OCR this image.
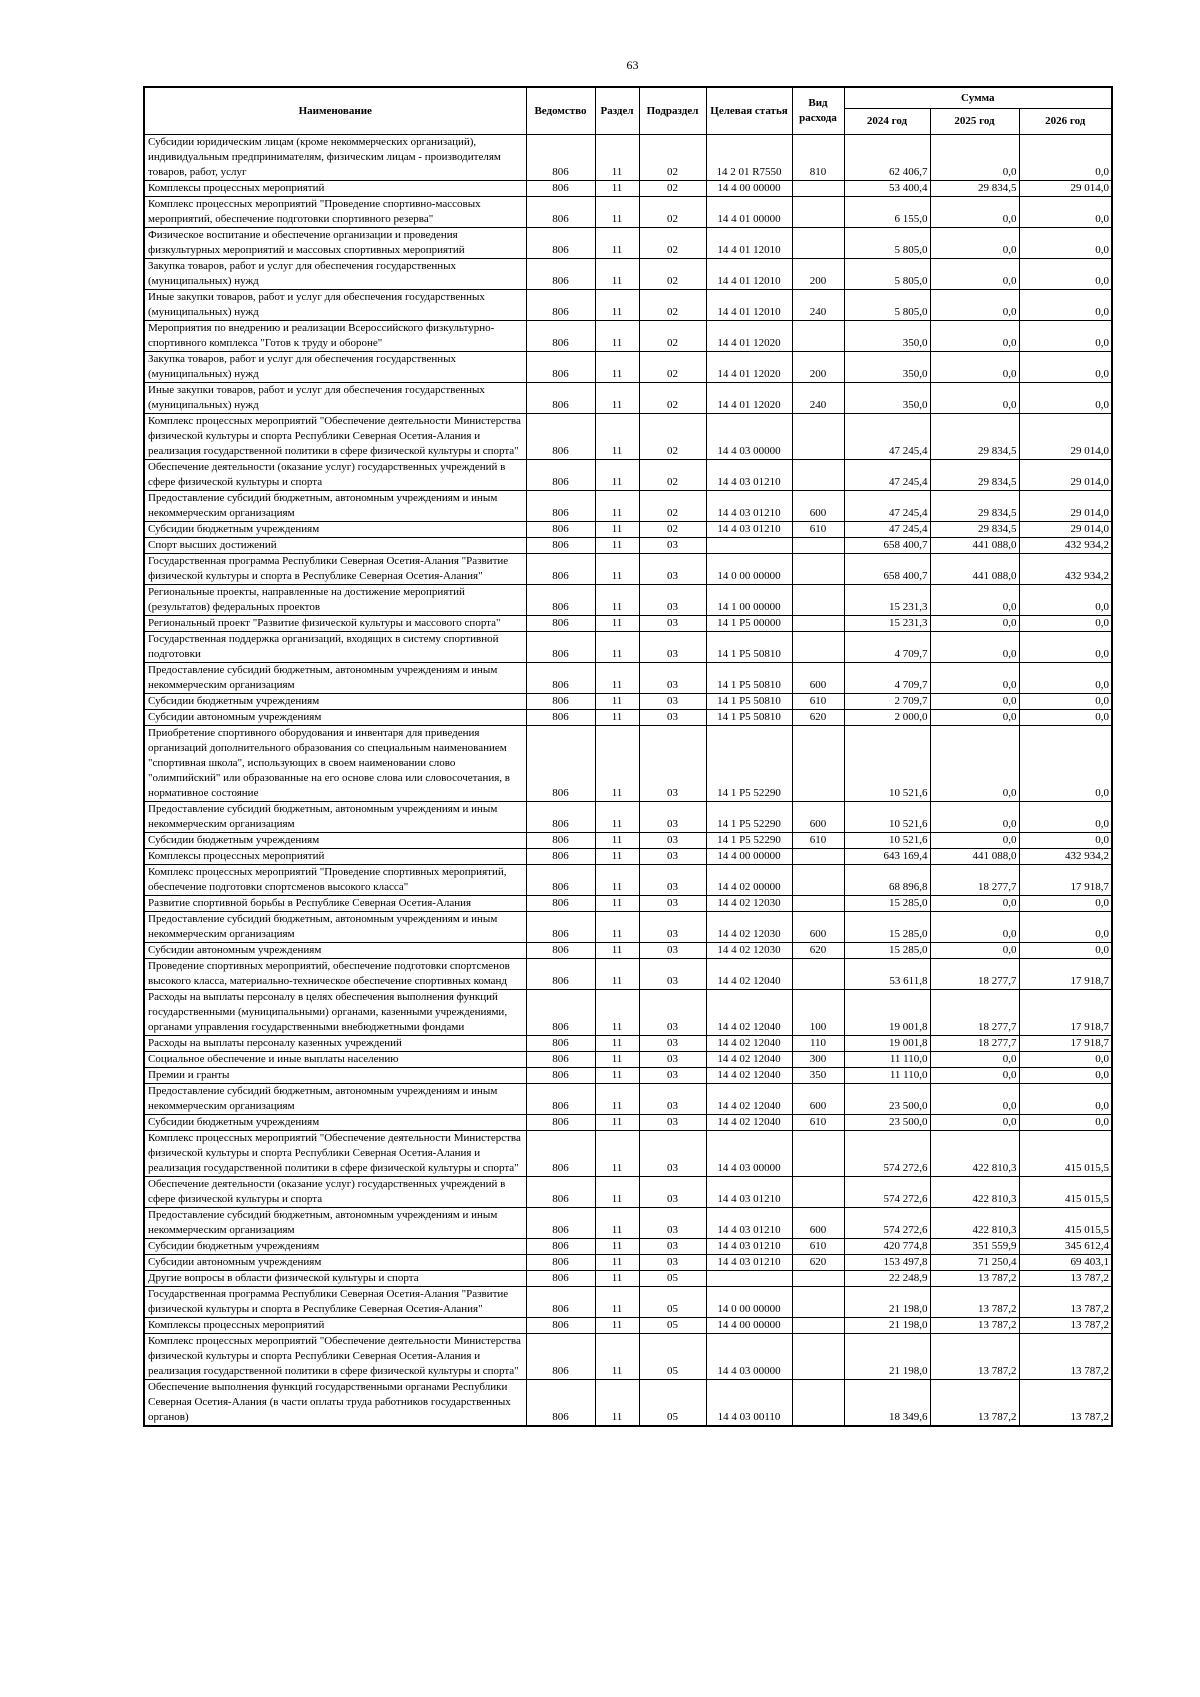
63
Наименование	Ведомство	Раздел	Подраздел	Целевая статья	Вид расхода	Сумма		
						2024 год	2025 год	2026 год
Субсидии юридическим лицам (кроме некоммерческих организаций), индивидуальным предпринимателям, физическим лицам - производителям товаров, работ, услуг	806	11	02	14 2 01 R7550	810	62 406,7	0,0	0,0
Комплексы процессных мероприятий	806	11	02	14 4 00 00000		53 400,4	29 834,5	29 014,0
Комплекс процессных мероприятий "Проведение спортивно-массовых мероприятий, обеспечение подготовки спортивного резерва"	806	11	02	14 4 01 00000		6 155,0	0,0	0,0
Физическое воспитание и обеспечение организации и проведения физкультурных мероприятий и массовых спортивных мероприятий	806	11	02	14 4 01 12010		5 805,0	0,0	0,0
Закупка товаров, работ и услуг для обеспечения государственных (муниципальных) нужд	806	11	02	14 4 01 12010	200	5 805,0	0,0	0,0
Иные закупки товаров, работ и услуг для обеспечения государственных (муниципальных) нужд	806	11	02	14 4 01 12010	240	5 805,0	0,0	0,0
Мероприятия по внедрению и реализации Всероссийского физкультурно-спортивного комплекса "Готов к труду и обороне"	806	11	02	14 4 01 12020		350,0	0,0	0,0
Закупка товаров, работ и услуг для обеспечения государственных (муниципальных) нужд	806	11	02	14 4 01 12020	200	350,0	0,0	0,0
Иные закупки товаров, работ и услуг для обеспечения государственных (муниципальных) нужд	806	11	02	14 4 01 12020	240	350,0	0,0	0,0
Комплекс процессных мероприятий "Обеспечение деятельности Министерства физической культуры и спорта Республики Северная Осетия-Алания и реализация государственной политики в сфере физической культуры и спорта"	806	11	02	14 4 03 00000		47 245,4	29 834,5	29 014,0
Обеспечение деятельности (оказание услуг) государственных учреждений в сфере физической культуры и спорта	806	11	02	14 4 03 01210		47 245,4	29 834,5	29 014,0
Предоставление субсидий бюджетным, автономным учреждениям и иным некоммерческим организациям	806	11	02	14 4 03 01210	600	47 245,4	29 834,5	29 014,0
Субсидии бюджетным учреждениям	806	11	02	14 4 03 01210	610	47 245,4	29 834,5	29 014,0
Спорт высших достижений	806	11	03			658 400,7	441 088,0	432 934,2
Государственная программа Республики Северная Осетия-Алания "Развитие физической культуры и спорта в Республике Северная Осетия-Алания"	806	11	03	14 0 00 00000		658 400,7	441 088,0	432 934,2
Региональные проекты, направленные на достижение мероприятий (результатов) федеральных проектов	806	11	03	14 1 00 00000		15 231,3	0,0	0,0
Региональный проект "Развитие физической культуры и массового спорта"	806	11	03	14 1 P5 00000		15 231,3	0,0	0,0
Государственная поддержка организаций, входящих в систему спортивной подготовки	806	11	03	14 1 P5 50810		4 709,7	0,0	0,0
Предоставление субсидий бюджетным, автономным учреждениям и иным некоммерческим организациям	806	11	03	14 1 P5 50810	600	4 709,7	0,0	0,0
Субсидии бюджетным учреждениям	806	11	03	14 1 P5 50810	610	2 709,7	0,0	0,0
Субсидии автономным учреждениям	806	11	03	14 1 P5 50810	620	2 000,0	0,0	0,0
Приобретение спортивного оборудования и инвентаря для приведения организаций дополнительного образования со специальным наименованием "спортивная школа", использующих в своем наименовании слово "олимпийский" или образованные на его основе слова или словосочетания, в нормативное состояние	806	11	03	14 1 P5 52290		10 521,6	0,0	0,0
Предоставление субсидий бюджетным, автономным учреждениям и иным некоммерческим организациям	806	11	03	14 1 P5 52290	600	10 521,6	0,0	0,0
Субсидии бюджетным учреждениям	806	11	03	14 1 P5 52290	610	10 521,6	0,0	0,0
Комплексы процессных мероприятий	806	11	03	14 4 00 00000		643 169,4	441 088,0	432 934,2
Комплекс процессных мероприятий "Проведение спортивных мероприятий, обеспечение подготовки спортсменов высокого класса"	806	11	03	14 4 02 00000		68 896,8	18 277,7	17 918,7
Развитие спортивной борьбы в Республике Северная Осетия-Алания	806	11	03	14 4 02 12030		15 285,0	0,0	0,0
Предоставление субсидий бюджетным, автономным учреждениям и иным некоммерческим организациям	806	11	03	14 4 02 12030	600	15 285,0	0,0	0,0
Субсидии автономным учреждениям	806	11	03	14 4 02 12030	620	15 285,0	0,0	0,0
Проведение спортивных мероприятий, обеспечение подготовки спортсменов высокого класса, материально-техническое обеспечение спортивных команд	806	11	03	14 4 02 12040		53 611,8	18 277,7	17 918,7
Расходы на выплаты персоналу в целях обеспечения выполнения функций государственными (муниципальными) органами, казенными учреждениями, органами управления государственными внебюджетными фондами	806	11	03	14 4 02 12040	100	19 001,8	18 277,7	17 918,7
Расходы на выплаты персоналу казенных учреждений	806	11	03	14 4 02 12040	110	19 001,8	18 277,7	17 918,7
Социальное обеспечение и иные выплаты населению	806	11	03	14 4 02 12040	300	11 110,0	0,0	0,0
Премии и гранты	806	11	03	14 4 02 12040	350	11 110,0	0,0	0,0
Предоставление субсидий бюджетным, автономным учреждениям и иным некоммерческим организациям	806	11	03	14 4 02 12040	600	23 500,0	0,0	0,0
Субсидии бюджетным учреждениям	806	11	03	14 4 02 12040	610	23 500,0	0,0	0,0
Комплекс процессных мероприятий "Обеспечение деятельности Министерства физической культуры и спорта Республики Северная Осетия-Алания и реализация государственной политики в сфере физической культуры и спорта"	806	11	03	14 4 03 00000		574 272,6	422 810,3	415 015,5
Обеспечение деятельности (оказание услуг) государственных учреждений в сфере физической культуры и спорта	806	11	03	14 4 03 01210		574 272,6	422 810,3	415 015,5
Предоставление субсидий бюджетным, автономным учреждениям и иным некоммерческим организациям	806	11	03	14 4 03 01210	600	574 272,6	422 810,3	415 015,5
Субсидии бюджетным учреждениям	806	11	03	14 4 03 01210	610	420 774,8	351 559,9	345 612,4
Субсидии автономным учреждениям	806	11	03	14 4 03 01210	620	153 497,8	71 250,4	69 403,1
Другие вопросы в области физической культуры и спорта	806	11	05			22 248,9	13 787,2	13 787,2
Государственная программа Республики Северная Осетия-Алания "Развитие физической культуры и спорта в Республике Северная Осетия-Алания"	806	11	05	14 0 00 00000		21 198,0	13 787,2	13 787,2
Комплексы процессных мероприятий	806	11	05	14 4 00 00000		21 198,0	13 787,2	13 787,2
Комплекс процессных мероприятий "Обеспечение деятельности Министерства физической культуры и спорта Республики Северная Осетия-Алания и реализация государственной политики в сфере физической культуры и спорта"	806	11	05	14 4 03 00000		21 198,0	13 787,2	13 787,2
Обеспечение выполнения функций государственными органами Республики Северная Осетия-Алания (в части оплаты труда работников государственных органов)	806	11	05	14 4 03 00110		18 349,6	13 787,2	13 787,2
